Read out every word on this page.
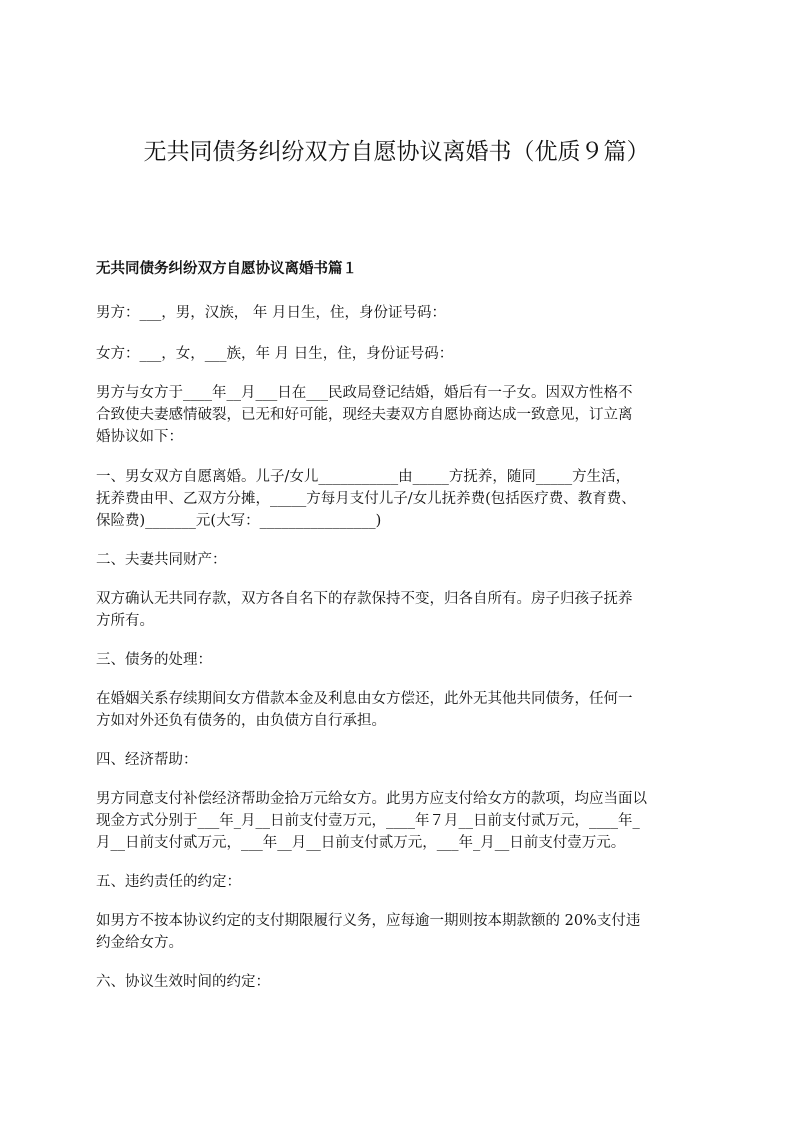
无共同债务纠纷双方自愿协议离婚书（优质９篇）
无共同债务纠纷双方自愿协议离婚书篇１

男方：___，男，汉族， 年 月日生，住，身份证号码：

女方：___，女，___族，年 月 日生，住，身份证号码：

男方与女方于____年__月___日在___民政局登记结婚，婚后有一子女。因双方性格不
合致使夫妻感情破裂，已无和好可能，现经夫妻双方自愿协商达成一致意见，订立离
婚协议如下：

一、男女双方自愿离婚。儿子/女儿___________由_____方抚养，随同_____方生活，
抚养费由甲、乙双方分摊，_____方每月支付儿子/女儿抚养费(包括医疗费、教育费、
保险费)_______元(大写：________________)

二、夫妻共同财产：

双方确认无共同存款，双方各自名下的存款保持不变，归各自所有。房子归孩子抚养
方所有。

三、债务的处理：

在婚姻关系存续期间女方借款本金及利息由女方偿还，此外无其他共同债务，任何一
方如对外还负有债务的，由负债方自行承担。

四、经济帮助：

男方同意支付补偿经济帮助金拾万元给女方。此男方应支付给女方的款项，均应当面以
现金方式分别于___年_月__日前支付壹万元，____年７月__日前支付贰万元，____年_
月__日前支付贰万元，___年__月__日前支付贰万元，___年_月__日前支付壹万元。

五、违约责任的约定：

如男方不按本协议约定的支付期限履行义务，应每逾一期则按本期款额的 20%支付违
约金给女方。

六、协议生效时间的约定：
